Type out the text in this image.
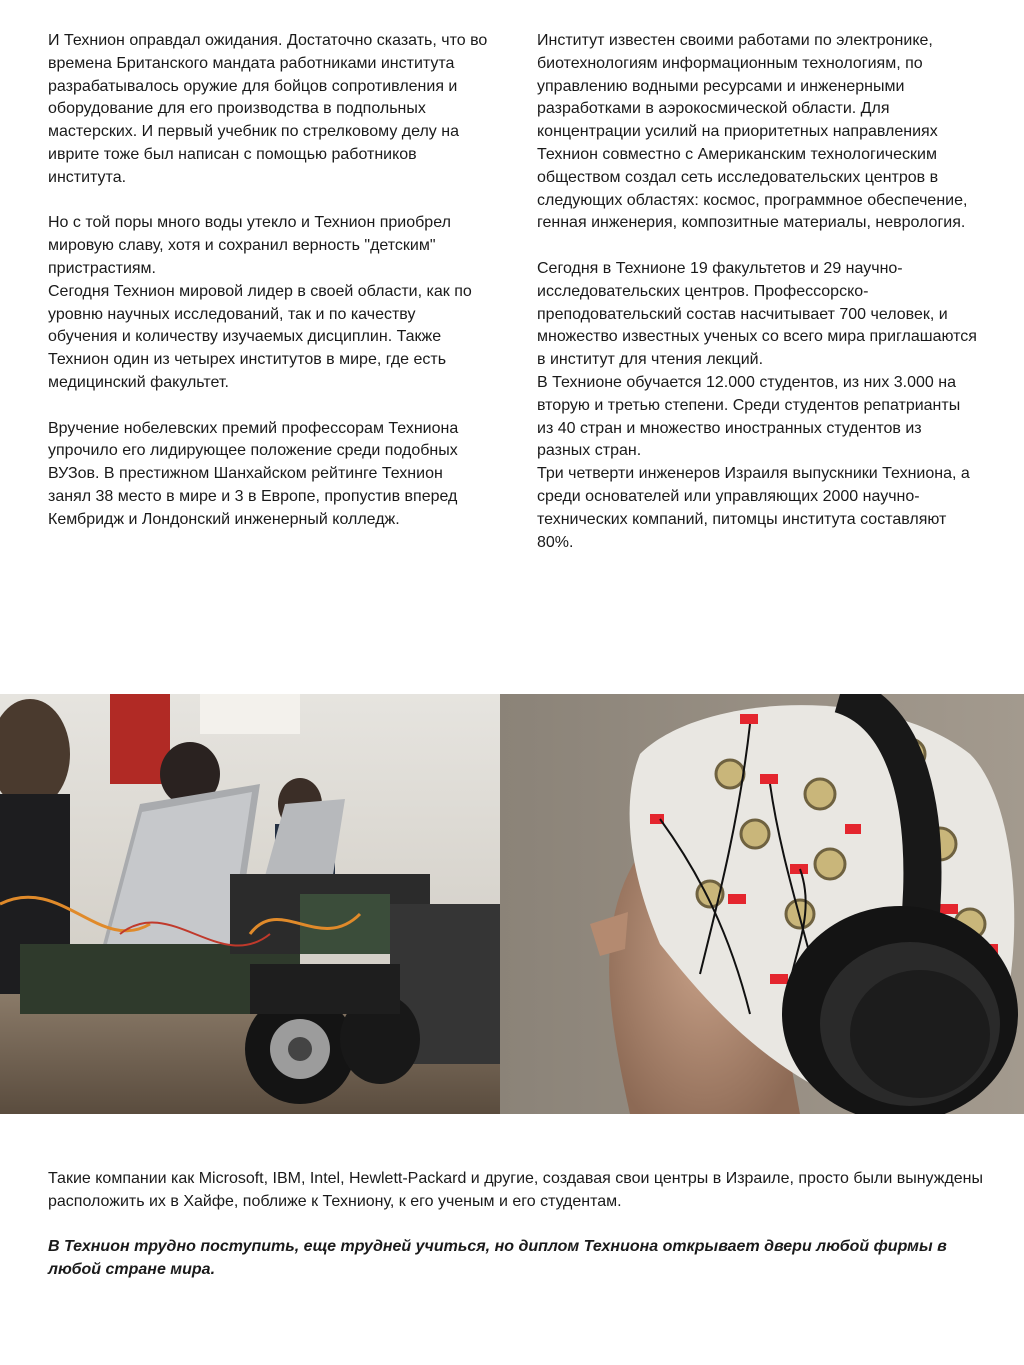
И Технион оправдал ожидания. Достаточно сказать, что во времена Британского мандата работниками института разрабатывалось оружие для бойцов сопротивления и оборудование для его производства в подпольных мастерских. И первый учебник по стрелковому делу на иврите тоже был написан с помощью работников института.

Но с той поры много воды утекло и Технион приобрел мировую славу, хотя и сохранил верность "детским" пристрастиям.

Сегодня Технион мировой лидер в своей области, как по уровню научных исследований, так и по качеству обучения и количеству изучаемых дисциплин. Также Технион один из четырех институтов в мире, где есть медицинский факультет.

Вручение нобелевских премий профессорам Техниона упрочило его лидирующее положение среди подобных ВУЗов. В престижном Шанхайском рейтинге Технион занял 38 место в мире и 3 в Европе, пропустив вперед Кембридж и Лондонский инженерный колледж.

Институт известен своими работами по электронике, биотехнологиям информационным технологиям, по управлению водными ресурсами и инженерными разработками в аэрокосмической области. Для концентрации усилий на приоритетных направлениях Технион совместно с Американским технологическим обществом создал сеть исследовательских центров в следующих областях: космос, программное обеспечение, генная инженерия, композитные материалы, неврология.

Сегодня в Технионе 19 факультетов и 29 научно-исследовательских центров. Профессорско-преподовательский состав насчитывает 700 человек, и множество известных ученых со всего мира приглашаются в институт для чтения лекций.

В Технионе обучается 12.000 студентов, из них 3.000 на вторую и третью степени. Среди студентов репатрианты из 40 стран и множество иностранных студентов из разных стран.

Три четверти инженеров Израиля выпускники Техниона, а среди основателей или управляющих 2000 научно-технических компаний, питомцы института составляют 80%.

Такие компании как Microsoft, IBM, Intel, Hewlett-Packard и другие, создавая свои центры в Израиле, просто были вынуждены расположить их в Хайфе, поближе к Техниону, к его ученым и его студентам.

В Технион трудно поступить, еще трудней учиться, но диплом Техниона открывает двери любой фирмы в любой стране мира.
